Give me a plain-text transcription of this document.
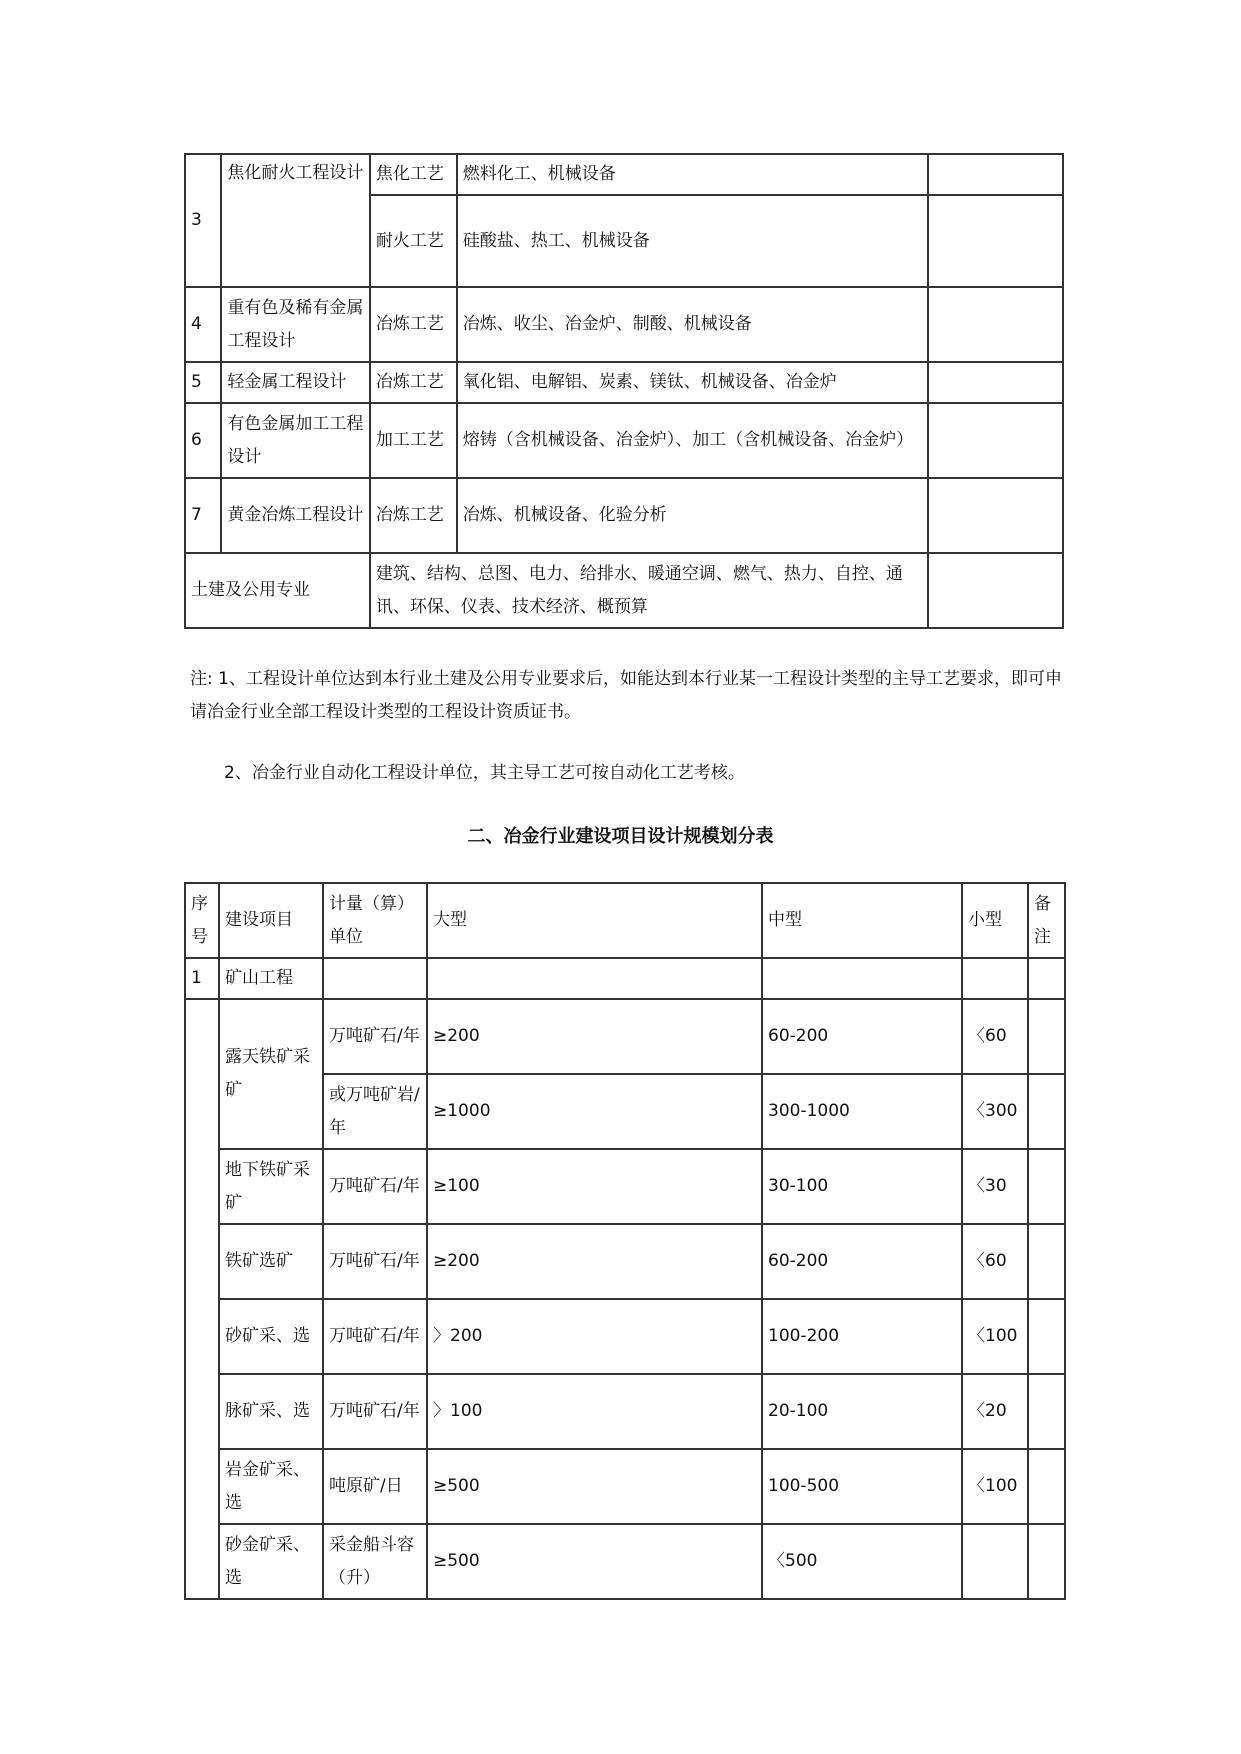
3	焦化耐火工程设计	焦化工艺	燃料化工、机械设备	
		耐火工艺	硅酸盐、热工、机械设备	
4	重有色及稀有金属工程设计	冶炼工艺	冶炼、收尘、冶金炉、制酸、机械设备	
5	轻金属工程设计	冶炼工艺	氧化铝、电解铝、炭素、镁钛、机械设备、冶金炉	
6	有色金属加工工程设计	加工工艺	熔铸（含机械设备、冶金炉）、加工（含机械设备、冶金炉）	
7	黄金冶炼工程设计	冶炼工艺	冶炼、机械设备、化验分析	
土建及公用专业		建筑、结构、总图、电力、给排水、暖通空调、燃气、热力、自控、通讯、环保、仪表、技术经济、概预算		

注: 1、工程设计单位达到本行业土建及公用专业要求后，如能达到本行业某一工程设计类型的主导工艺要求，即可申请冶金行业全部工程设计类型的工程设计资质证书。

2、冶金行业自动化工程设计单位，其主导工艺可按自动化工艺考核。

二、冶金行业建设项目设计规模划分表
序号	建设项目	计量（算）单位	大型	中型	小型	备注
1	矿山工程					
	露天铁矿采矿	万吨矿石/年	≥200	60-200	〈60	
		或万吨矿岩/年	≥1000	300-1000	〈300	
	地下铁矿采矿	万吨矿石/年	≥100	30-100	〈30	
	铁矿选矿	万吨矿石/年	≥200	60-200	〈60	
	砂矿采、选	万吨矿石/年	〉200	100-200	〈100	
	脉矿采、选	万吨矿石/年	〉100	20-100	〈20	
	岩金矿采、选	吨原矿/日	≥500	100-500	〈100	
	砂金矿采、选	采金船斗容（升）	≥500	〈500		
